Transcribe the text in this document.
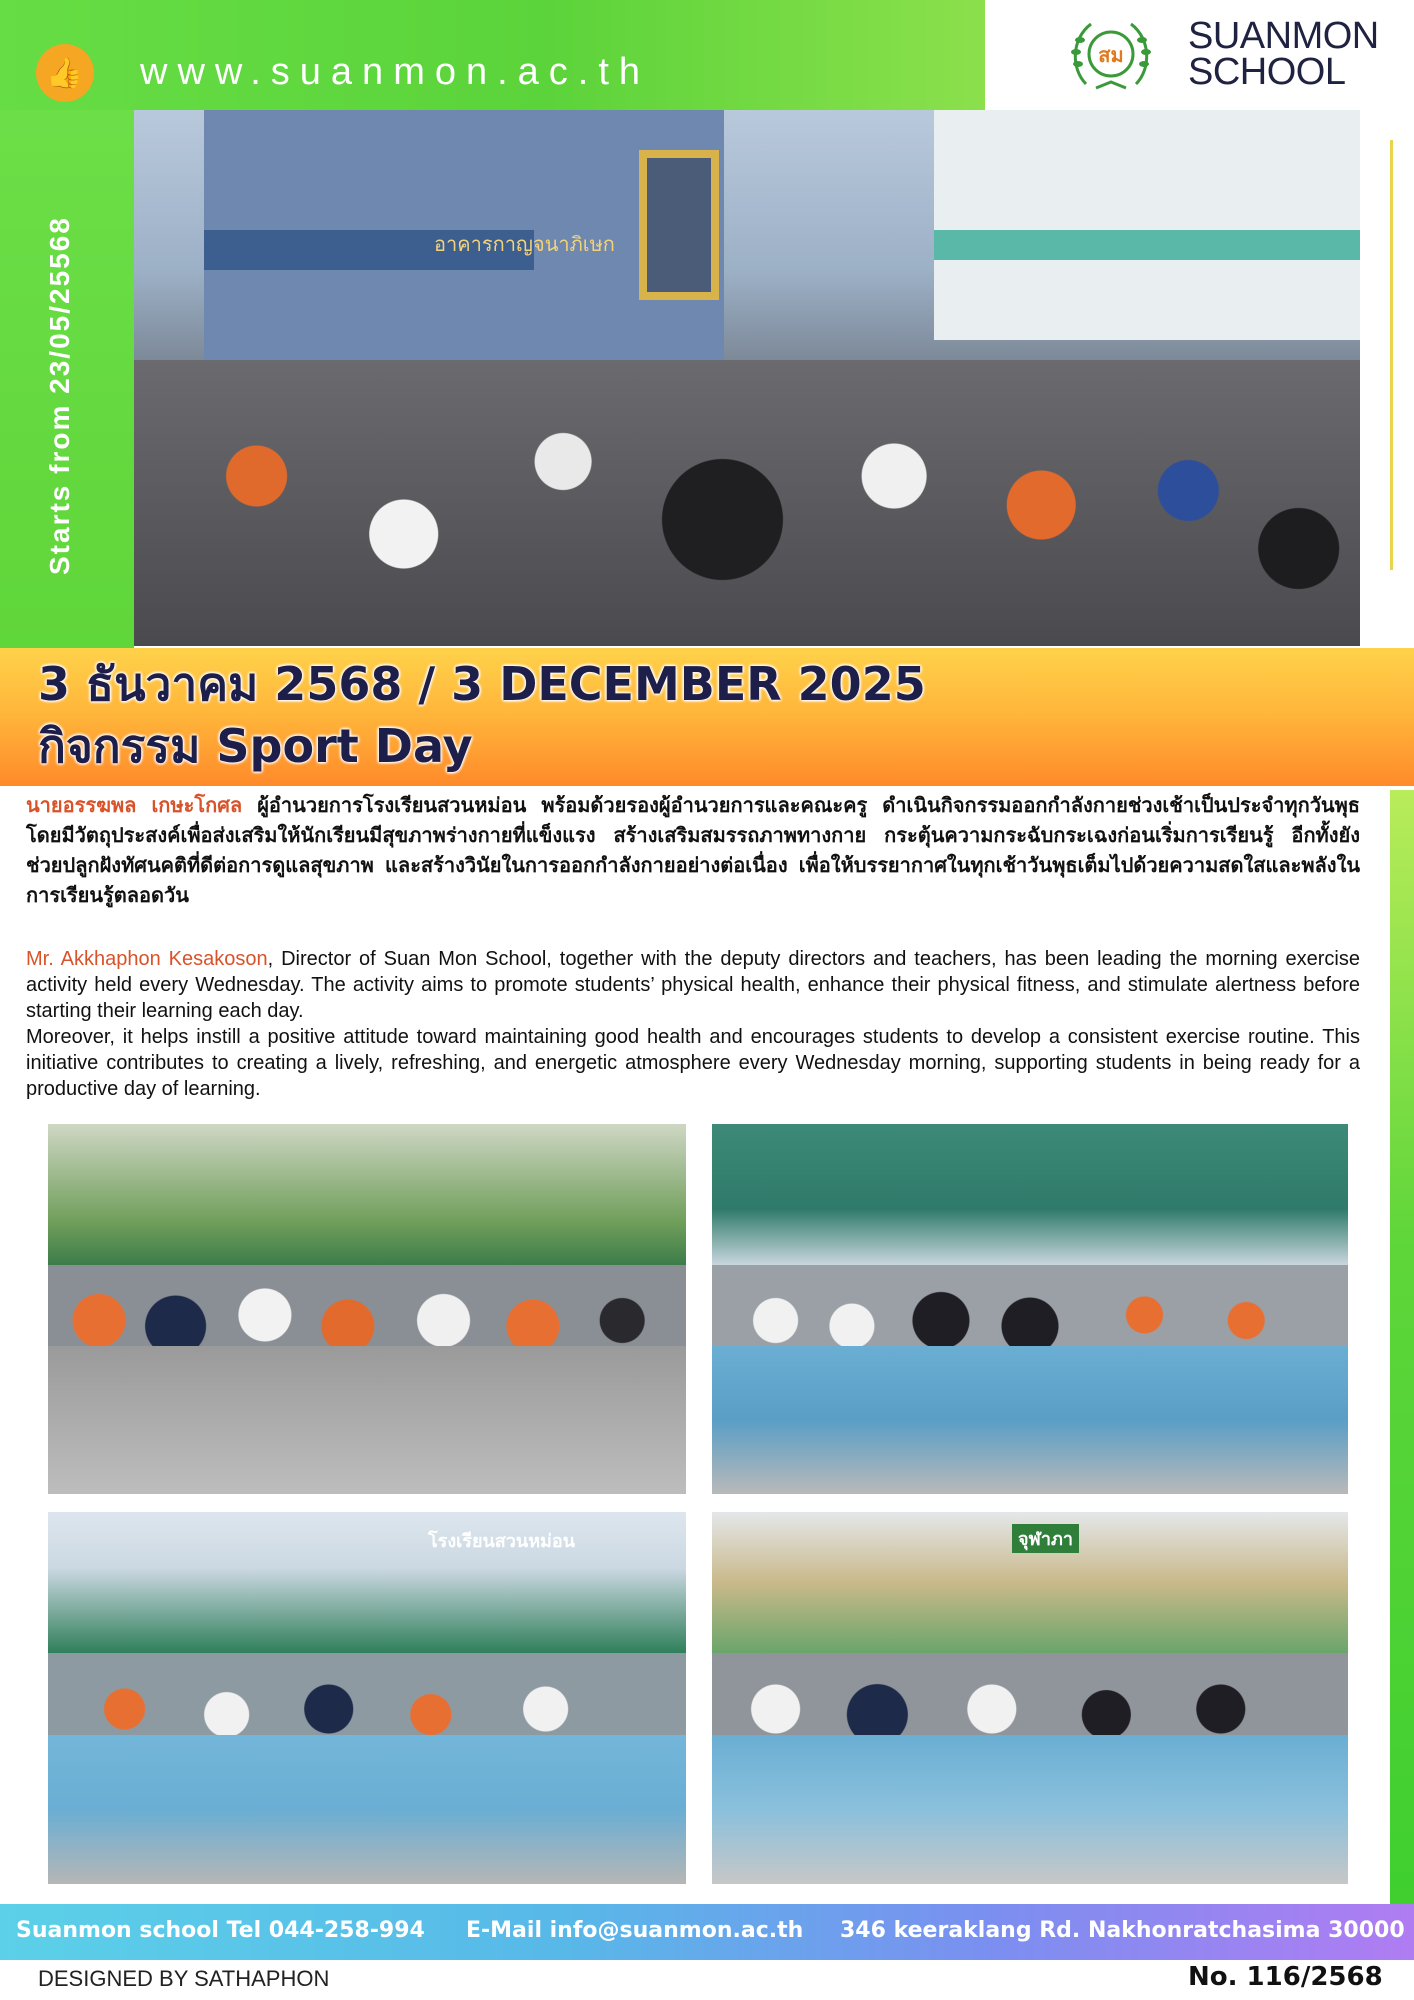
👍 www.suanmon.ac.th
Starts from 23/05/25568
สม SUANMON
SCHOOL
อาคารกาญจนาภิเษก
3 ธันวาคม 2568 / 3 DECEMBER 2025
กิจกรรม Sport Day

นายอรรฆพล เกษะโกศล ผู้อำนวยการโรงเรียนสวนหม่อน พร้อมด้วยรองผู้อำนวยการและคณะครู ดำเนินกิจกรรมออกกำลังกายช่วงเช้าเป็นประจำทุกวันพุธ โดยมีวัตถุประสงค์เพื่อส่งเสริมให้นักเรียนมีสุขภาพร่างกายที่แข็งแรง สร้างเสริมสมรรถภาพทางกาย กระตุ้นความกระฉับกระเฉงก่อนเริ่มการเรียนรู้ อีกทั้งยังช่วยปลูกฝังทัศนคติที่ดีต่อการดูแลสุขภาพ และสร้างวินัยในการออกกำลังกายอย่างต่อเนื่อง เพื่อให้บรรยากาศในทุกเช้าวันพุธเต็มไปด้วยความสดใสและพลังในการเรียนรู้ตลอดวัน

Mr. Akkhaphon Kesakoson, Director of Suan Mon School, together with the deputy directors and teachers, has been leading the morning exercise activity held every Wednesday. The activity aims to promote students’ physical health, enhance their physical fitness, and stimulate alertness before starting their learning each day.

Moreover, it helps instill a positive attitude toward maintaining good health and encourages students to develop a consistent exercise routine. This initiative contributes to creating a lively, refreshing, and energetic atmosphere every Wednesday morning, supporting students in being ready for a productive day of learning.

โรงเรียนสวนหม่อน	จุฬาภา
Suanmon school Tel 044-258-994 E-Mail info@suanmon.ac.th 346 keeraklang Rd. Nakhonratchasima 30000
DESIGNED BY SATHAPHON	No. 116/2568
